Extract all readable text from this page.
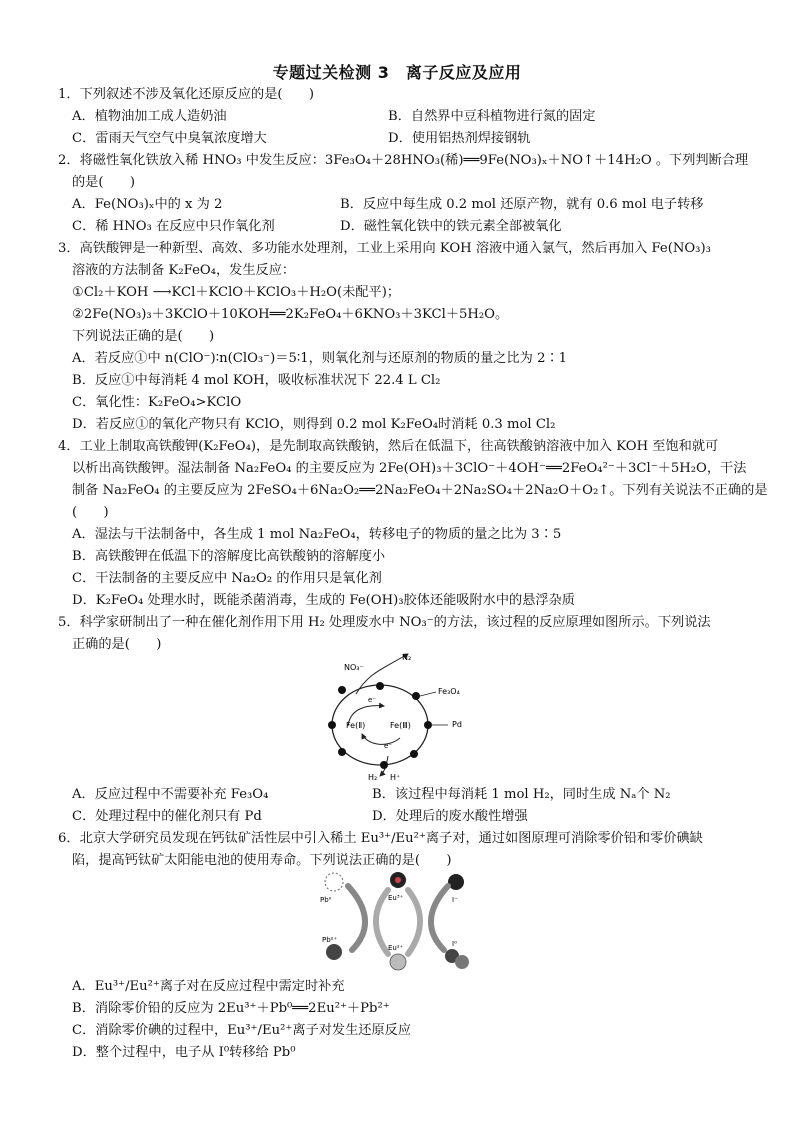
专题过关检测 3　离子反应及应用
1．下列叙述不涉及氧化还原反应的是(　　)
A．植物油加工成人造奶油	B．自然界中豆科植物进行氮的固定
C．雷雨天气空气中臭氧浓度增大	D．使用铝热剂焊接钢轨
2．将磁性氧化铁放入稀 HNO₃ 中发生反应：3Fe₃O₄＋28HNO₃(稀)══9Fe(NO₃)ₓ＋NO↑＋14H₂O 。下列判断合理
的是(　　)
A．Fe(NO₃)ₓ中的 x 为 2	B．反应中每生成 0.2 mol 还原产物，就有 0.6 mol 电子转移
C．稀 HNO₃ 在反应中只作氧化剂	D．磁性氧化铁中的铁元素全部被氧化
3．高铁酸钾是一种新型、高效、多功能水处理剂，工业上采用向 KOH 溶液中通入氯气，然后再加入 Fe(NO₃)₃
溶液的方法制备 K₂FeO₄，发生反应：
①Cl₂＋KOH ⟶KCl＋KClO＋KClO₃＋H₂O(未配平)；
②2Fe(NO₃)₃＋3KClO＋10KOH══2K₂FeO₄＋6KNO₃＋3KCl＋5H₂O。
下列说法正确的是(　　)
A．若反应①中 n(ClO⁻)∶n(ClO₃⁻)＝5∶1，则氧化剂与还原剂的物质的量之比为 2∶1
B．反应①中每消耗 4 mol KOH，吸收标准状况下 22.4 L Cl₂
C．氧化性：K₂FeO₄>KClO
D．若反应①的氧化产物只有 KClO，则得到 0.2 mol K₂FeO₄时消耗 0.3 mol Cl₂
4．工业上制取高铁酸钾(K₂FeO₄)，是先制取高铁酸钠，然后在低温下，往高铁酸钠溶液中加入 KOH 至饱和就可
以析出高铁酸钾。湿法制备 Na₂FeO₄ 的主要反应为 2Fe(OH)₃＋3ClO⁻＋4OH⁻══2FeO₄²⁻＋3Cl⁻＋5H₂O，干法
制备 Na₂FeO₄ 的主要反应为 2FeSO₄＋6Na₂O₂══2Na₂FeO₄＋2Na₂SO₄＋2Na₂O＋O₂↑。下列有关说法不正确的是
(　　)
A．湿法与干法制备中，各生成 1 mol Na₂FeO₄，转移电子的物质的量之比为 3∶5
B．高铁酸钾在低温下的溶解度比高铁酸钠的溶解度小
C．干法制备的主要反应中 Na₂O₂ 的作用只是氧化剂
D．K₂FeO₄ 处理水时，既能杀菌消毒，生成的 Fe(OH)₃胶体还能吸附水中的悬浮杂质
5．科学家研制出了一种在催化剂作用下用 H₂ 处理废水中 NO₃⁻的方法，该过程的反应原理如图所示。下列说法
正确的是(　　)
NO₃⁻
N₂
Fe₃O₄
Pd
Fe(Ⅱ)	Fe(Ⅲ)
e⁻
e⁻
H₂ H⁺
A．反应过程中不需要补充 Fe₃O₄	B．该过程中每消耗 1 mol H₂，同时生成 Nₐ个 N₂
C．处理过程中的催化剂只有 Pd	D．处理后的废水酸性增强
6．北京大学研究员发现在钙钛矿活性层中引入稀土 Eu³⁺/Eu²⁺离子对，通过如图原理可消除零价铅和零价碘缺
陷，提高钙钛矿太阳能电池的使用寿命。下列说法正确的是(　　)
Pb⁰	Eu³⁺	I⁻
Pb²⁺
Eu²⁺	I⁰
A．Eu³⁺/Eu²⁺离子对在反应过程中需定时补充
B．消除零价铅的反应为 2Eu³⁺＋Pb⁰══2Eu²⁺＋Pb²⁺
C．消除零价碘的过程中，Eu³⁺/Eu²⁺离子对发生还原反应
D．整个过程中，电子从 I⁰转移给 Pb⁰
